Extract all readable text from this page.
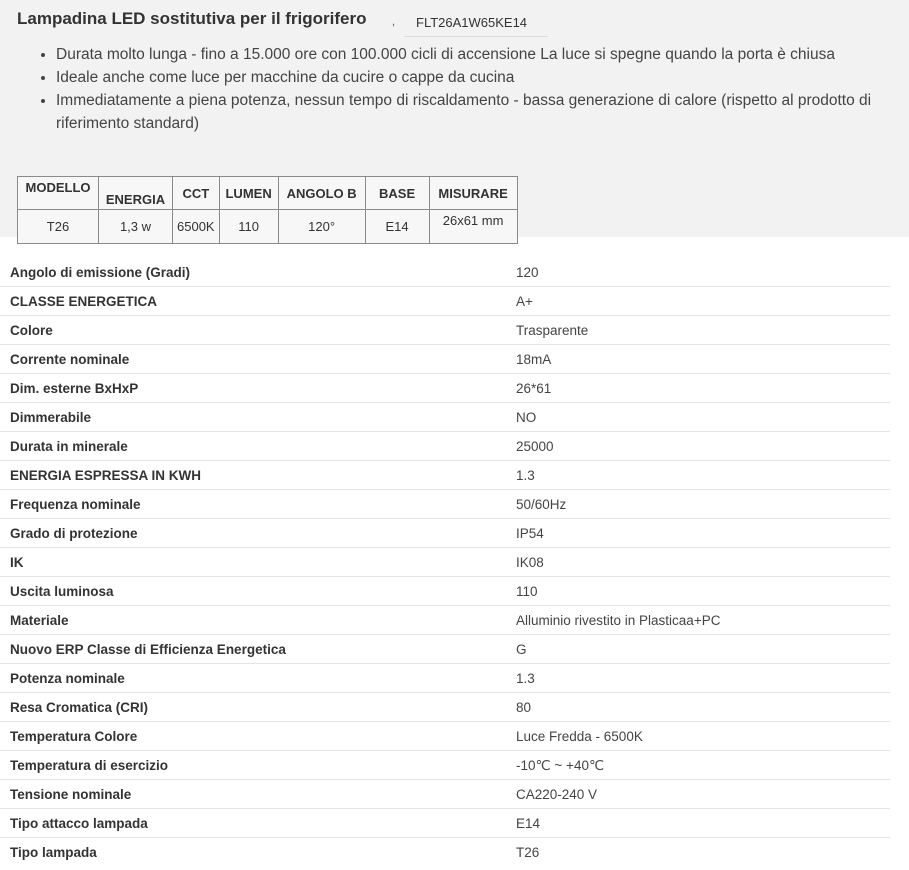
Lampadina LED sostitutiva per il frigorifero ,	FLT26A1W65KE14
• Durata molto lunga - fino a 15.000 ore con 100.000 cicli di accensione La luce si spegne quando la porta è chiusa
• Ideale anche come luce per macchine da cucire o cappe da cucina
• Immediatamente a piena potenza, nessun tempo di riscaldamento - bassa generazione di calore (rispetto al prodotto di riferimento standard)
MODELLO	ENERGIA	CCT	LUMEN	ANGOLO B	BASE	MISURARE
T26	1,3 w	6500K	110	120°	E14	26x61 mm
Angolo di emissione (Gradi)	120
CLASSE ENERGETICA	A+
Colore	Trasparente
Corrente nominale	18mA
Dim. esterne BxHxP	26*61
Dimmerabile	NO
Durata in minerale	25000
ENERGIA ESPRESSA IN KWH	1.3
Frequenza nominale	50/60Hz
Grado di protezione	IP54
IK	IK08
Uscita luminosa	110
Materiale	Alluminio rivestito in Plasticaa+PC
Nuovo ERP Classe di Efficienza Energetica	G
Potenza nominale	1.3
Resa Cromatica (CRI)	80
Temperatura Colore	Luce Fredda - 6500K
Temperatura di esercizio	-10℃ ~ +40℃
Tensione nominale	CA220-240 V
Tipo attacco lampada	E14
Tipo lampada	T26
